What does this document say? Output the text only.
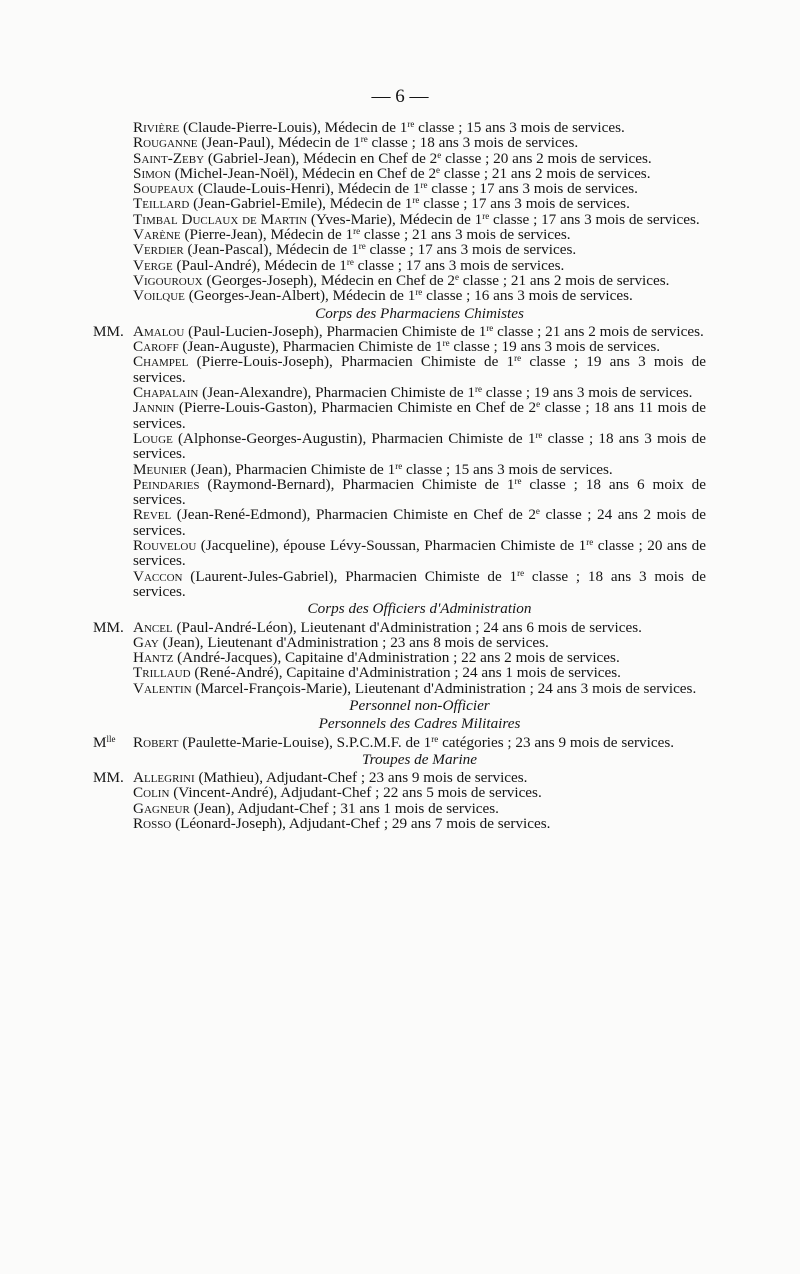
— 6 —
Rivière (Claude-Pierre-Louis), Médecin de 1re classe ; 15 ans 3 mois de services.
Rouganne (Jean-Paul), Médecin de 1re classe ; 18 ans 3 mois de services.
Saint-Zeby (Gabriel-Jean), Médecin en Chef de 2e classe ; 20 ans 2 mois de services.
Simon (Michel-Jean-Noël), Médecin en Chef de 2e classe ; 21 ans 2 mois de services.
Soupeaux (Claude-Louis-Henri), Médecin de 1re classe ; 17 ans 3 mois de services.
Teillard (Jean-Gabriel-Emile), Médecin de 1re classe ; 17 ans 3 mois de services.
Timbal Duclaux de Martin (Yves-Marie), Médecin de 1re classe ; 17 ans 3 mois de services.
Varène (Pierre-Jean), Médecin de 1re classe ; 21 ans 3 mois de services.
Verdier (Jean-Pascal), Médecin de 1re classe ; 17 ans 3 mois de services.
Verge (Paul-André), Médecin de 1re classe ; 17 ans 3 mois de services.
Vigouroux (Georges-Joseph), Médecin en Chef de 2e classe ; 21 ans 2 mois de services.
Voilque (Georges-Jean-Albert), Médecin de 1re classe ; 16 ans 3 mois de services.
Corps des Pharmaciens Chimistes
MM. Amalou (Paul-Lucien-Joseph), Pharmacien Chimiste de 1re classe ; 21 ans 2 mois de services.
Caroff (Jean-Auguste), Pharmacien Chimiste de 1re classe ; 19 ans 3 mois de services.
Champel (Pierre-Louis-Joseph), Pharmacien Chimiste de 1re classe ; 19 ans 3 mois de services.
Chapalain (Jean-Alexandre), Pharmacien Chimiste de 1re classe ; 19 ans 3 mois de services.
Jannin (Pierre-Louis-Gaston), Pharmacien Chimiste en Chef de 2e classe ; 18 ans 11 mois de services.
Louge (Alphonse-Georges-Augustin), Pharmacien Chimiste de 1re classe ; 18 ans 3 mois de services.
Meunier (Jean), Pharmacien Chimiste de 1re classe ; 15 ans 3 mois de services.
Peindaries (Raymond-Bernard), Pharmacien Chimiste de 1re classe ; 18 ans 6 moix de services.
Revel (Jean-René-Edmond), Pharmacien Chimiste en Chef de 2e classe ; 24 ans 2 mois de services.
Rouvelou (Jacqueline), épouse Lévy-Soussan, Pharmacien Chimiste de 1re classe ; 20 ans de services.
Vaccon (Laurent-Jules-Gabriel), Pharmacien Chimiste de 1re classe ; 18 ans 3 mois de services.
Corps des Officiers d'Administration
MM. Ancel (Paul-André-Léon), Lieutenant d'Administration ; 24 ans 6 mois de services.
Gay (Jean), Lieutenant d'Administration ; 23 ans 8 mois de services.
Hantz (André-Jacques), Capitaine d'Administration ; 22 ans 2 mois de services.
Trillaud (René-André), Capitaine d'Administration ; 24 ans 1 mois de services.
Valentin (Marcel-François-Marie), Lieutenant d'Administration ; 24 ans 3 mois de services.
Personnel non-Officier
Personnels des Cadres Militaires
$M^{lle}$ Robert (Paulette-Marie-Louise), S.P.C.M.F. de 1re catégories ; 23 ans 9 mois de services.
Troupes de Marine
MM. Allegrini (Mathieu), Adjudant-Chef ; 23 ans 9 mois de services.
Colin (Vincent-André), Adjudant-Chef ; 22 ans 5 mois de services.
Gagneur (Jean), Adjudant-Chef ; 31 ans 1 mois de services.
Rosso (Léonard-Joseph), Adjudant-Chef ; 29 ans 7 mois de services.
